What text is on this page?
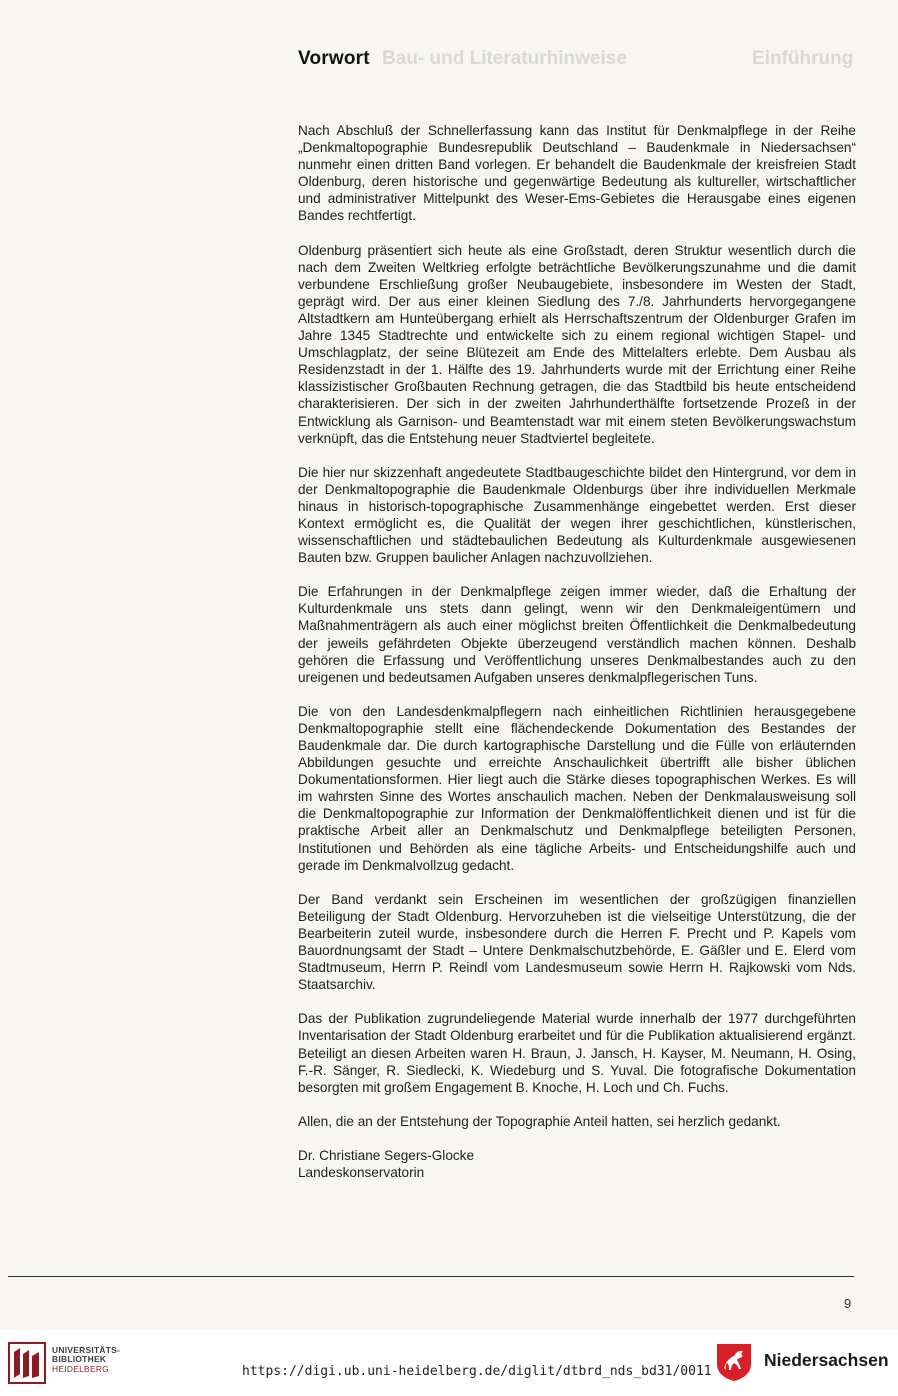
Bau- und Literaturhinweise	Einführung
Vorwort

Nach Abschluß der Schnellerfassung kann das Institut für Denkmalpflege in der Reihe „Denkmaltopographie Bundesrepublik Deutschland – Baudenkmale in Niedersachsen“ nunmehr einen dritten Band vorlegen. Er behandelt die Baudenkmale der kreisfreien Stadt Oldenburg, deren historische und gegenwärtige Bedeutung als kultureller, wirtschaftlicher und administrativer Mittelpunkt des Weser-Ems-Gebietes die Herausgabe eines eigenen Bandes rechtfertigt.

Oldenburg präsentiert sich heute als eine Großstadt, deren Struktur wesentlich durch die nach dem Zweiten Weltkrieg erfolgte beträchtliche Bevölkerungszunahme und die damit verbundene Erschließung großer Neubaugebiete, insbesondere im Westen der Stadt, geprägt wird. Der aus einer kleinen Siedlung des 7./8. Jahrhunderts hervorgegangene Altstadtkern am Hunteübergang erhielt als Herrschaftszentrum der Oldenburger Grafen im Jahre 1345 Stadtrechte und entwickelte sich zu einem regional wichtigen Stapel- und Umschlagplatz, der seine Blütezeit am Ende des Mittelalters erlebte. Dem Ausbau als Residenzstadt in der 1. Hälfte des 19. Jahrhunderts wurde mit der Errichtung einer Reihe klassizistischer Großbauten Rechnung getragen, die das Stadtbild bis heute entscheidend charakterisieren. Der sich in der zweiten Jahrhunderthälfte fortsetzende Prozeß in der Entwicklung als Garnison- und Beamtenstadt war mit einem steten Bevölkerungswachstum verknüpft, das die Entstehung neuer Stadtviertel begleitete.

Die hier nur skizzenhaft angedeutete Stadtbaugeschichte bildet den Hintergrund, vor dem in der Denkmaltopographie die Baudenkmale Oldenburgs über ihre individuellen Merkmale hinaus in historisch-topographische Zusammenhänge eingebettet werden. Erst dieser Kontext ermöglicht es, die Qualität der wegen ihrer geschichtlichen, künstlerischen, wissenschaftlichen und städtebaulichen Bedeutung als Kulturdenkmale ausgewiesenen Bauten bzw. Gruppen baulicher Anlagen nachzuvollziehen.

Die Erfahrungen in der Denkmalpflege zeigen immer wieder, daß die Erhaltung der Kulturdenkmale uns stets dann gelingt, wenn wir den Denkmaleigentümern und Maßnahmenträgern als auch einer möglichst breiten Öffentlichkeit die Denkmalbedeutung der jeweils gefährdeten Objekte überzeugend verständlich machen können. Deshalb gehören die Erfassung und Veröffentlichung unseres Denkmalbestandes auch zu den ureigenen und bedeutsamen Aufgaben unseres denkmalpflegerischen Tuns.

Die von den Landesdenkmalpflegern nach einheitlichen Richtlinien herausgegebene Denkmaltopographie stellt eine flächendeckende Dokumentation des Bestandes der Baudenkmale dar. Die durch kartographische Darstellung und die Fülle von erläuternden Abbildungen gesuchte und erreichte Anschaulichkeit übertrifft alle bisher üblichen Dokumentationsformen. Hier liegt auch die Stärke dieses topographischen Werkes. Es will im wahrsten Sinne des Wortes anschaulich machen. Neben der Denkmalausweisung soll die Denkmaltopographie zur Information der Denkmalöffentlichkeit dienen und ist für die praktische Arbeit aller an Denkmalschutz und Denkmalpflege beteiligten Personen, Institutionen und Behörden als eine tägliche Arbeits- und Entscheidungshilfe auch und gerade im Denkmalvollzug gedacht.

Der Band verdankt sein Erscheinen im wesentlichen der großzügigen finanziellen Beteiligung der Stadt Oldenburg. Hervorzuheben ist die vielseitige Unterstützung, die der Bearbeiterin zuteil wurde, insbesondere durch die Herren F. Precht und P. Kapels vom Bauordnungsamt der Stadt – Untere Denkmalschutzbehörde, E. Gäßler und E. Elerd vom Stadtmuseum, Herrn P. Reindl vom Landesmuseum sowie Herrn H. Rajkowski vom Nds. Staatsarchiv.

Das der Publikation zugrundeliegende Material wurde innerhalb der 1977 durchgeführten Inventarisation der Stadt Oldenburg erarbeitet und für die Publikation aktualisierend ergänzt. Beteiligt an diesen Arbeiten waren H. Braun, J. Jansch, H. Kayser, M. Neumann, H. Osing, F.-R. Sänger, R. Siedlecki, K. Wiedeburg und S. Yuval. Die fotografische Dokumentation besorgten mit großem Engagement B. Knoche, H. Loch und Ch. Fuchs.

Allen, die an der Entstehung der Topographie Anteil hatten, sei herzlich gedankt.

Dr. Christiane Segers-Glocke
Landeskonservatorin
9
UNIVERSITÄTS-
BIBLIOTHEK
HEIDELBERG	https://digi.ub.uni-heidelberg.de/diglit/dtbrd_nds_bd31/0011
Niedersachsen
